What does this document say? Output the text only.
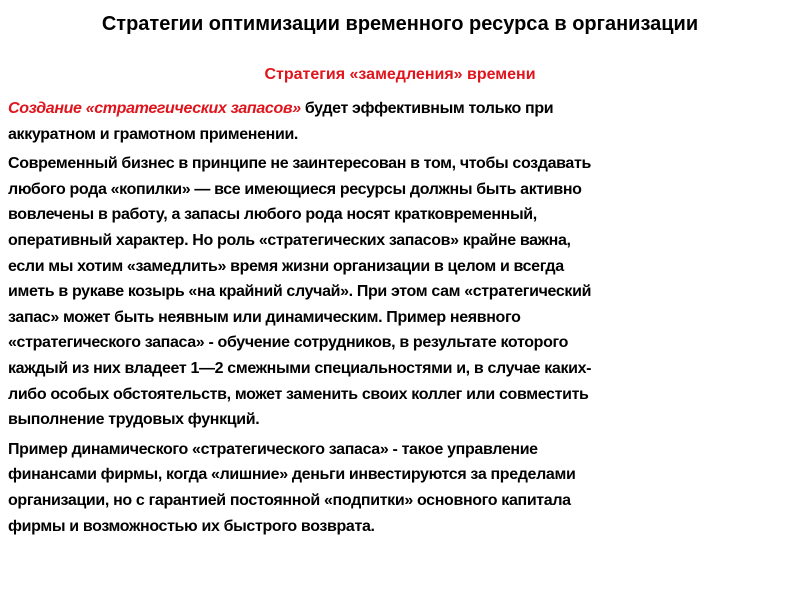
Стратегии оптимизации временного ресурса в организации
Стратегия «замедления» времени

Создание «стратегических запасов» будет эффективным только при
аккуратном и грамотном применении.

Современный бизнес в принципе не заинтересован в том, чтобы создавать
любого рода «копилки» — все имеющиеся ресурсы должны быть активно
вовлечены в работу, а запасы любого рода носят кратковременный,
оперативный характер. Но роль «стратегических запасов» крайне важна,
если мы хотим «замедлить» время жизни организации в целом и всегда
иметь в рукаве козырь «на крайний случай». При этом сам «стратегический
запас» может быть неявным или динамическим. Пример неявного
«стратегического запаса» - обучение сотрудников, в результате которого
каждый из них владеет 1—2 смежными специальностями и, в случае каких-
либо особых обстоятельств, может заменить своих коллег или совместить
выполнение трудовых функций.

Пример динамического «стратегического запаса» - такое управление
финансами фирмы, когда «лишние» деньги инвестируются за пределами
организации, но с гарантией постоянной «подпитки» основного капитала
фирмы и возможностью их быстрого возврата.
